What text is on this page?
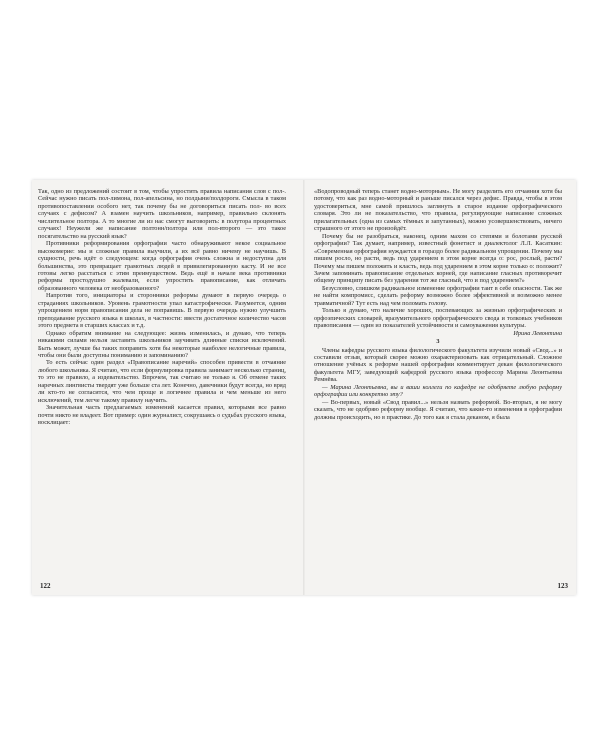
Так, одно из предложений состоит в том, чтобы упростить правила написания слов с пол-. Сейчас нужно писать пол-лимона, пол-апельсина, но полдыни/полдороги. Смысла в таком противопоставлении особого нет, так почему бы не договориться писать пол- во всех случаях с дефисом? А взамен научить школьников, например, правильно склонять числительное полтора. А то многие ли из нас смогут выговорить: в полутора процентных случаях! Неужели же написание полтонн/полтора или пол-второго — это такое посягательство на русский язык?

Противники реформирования орфографии часто обнаруживают некое социальное высокомерие: мы и сложные правила выучили, а их всё равно ничему не научишь. В сущности, речь идёт о следующем: когда орфография очень сложна и недоступна для большинства, это превращает грамотных людей в привилегированную касту. И не все готовы легко расстаться с этим преимуществом. Ведь ещё в начале века противники реформы простодушно жалевали, если упростить правописание, как отличать образованного человека от необразованного?

Напротив того, инициаторы и сторонники реформы думают в первую очередь о страданиях школьников. Уровень грамотности упал катастрофически. Разумеется, одним упрощением норм правописания дела не поправишь. В первую очередь нужно улучшить преподавание русского языка в школах, в частности: ввести достаточное количество часов этого предмета в старших классах и т.д.

Однако обратим внимание на следующее: жизнь изменилась, и думаю, что теперь никакими силами нельзя заставить школьников заучивать длинные списки исключений. Быть может, лучше бы таких поправить хотя бы некоторые наиболее нелогичные правила, чтобы они были доступны пониманию и запоминанию?

То есть сейчас один раздел «Правописание наречий» способен привести в отчаяние любого школьника. Я считаю, что если формулировка правила занимает несколько страниц, то это не правило, а издевательство. Впрочем, так считаю не только я. Об отмене таких наречных лингвисты твердят уже больше ста лет. Конечно, давечники будут всегда, но вряд ли кто-то не согласится, что чем проще и логичнее правила и чем меньше из него исключений, тем легче такому правилу научить.

Значительная часть предлагаемых изменений касается правил, которыми все равно почти никто не владеет. Вот пример: один журналист, сокрушаясь о судьбах русского языка, восклицает:

«Водопроводный теперь станет водно-моторным». Не могу разделить его отчаяния хотя бы потому, что как раз водно-моторный и раньше писался через дефис. Правда, чтобы в этом удостовериться, мне самой пришлось заглянуть в старое издание орфографического словаря. Это ли не показательство, что правила, регулирующие написание сложных прилагательных (одна из самых тёмных и запутанных), можно усовершенствовать, ничего страшного от этого не произойдёт.

Почему бы не разобраться, наконец, одним махом со степями и болотами русской орфографии? Так думает, например, известный фонетист и диалектолог Л.Л. Касаткин: «Современная орфография нуждается в гораздо более радикальном упрощении. Почему мы пишем росло, но расти, ведь под ударением в этом корне всегда о: рос, рослый, расти? Почему мы пишем положить и класть, ведь под ударением в этом корне только о: положит? Зачем запоминать правописание отдельных корней, где написание гласных противоречит общему принципу писать без ударения тот же гласный, что и под ударением?»

Безусловно, слишком радикальное изменение орфографии таит в себе опасности. Так же не найти компромисс, сделать реформу возможно более эффективной и возможно менее травматичной? Тут есть над чем поломать голову.

Только я думаю, что наличие хороших, поспевающих за жизнью орфографических и орфоэпических словарей, вразумительного орфографического свода и толковых учебников правописания — один из показателей устойчивости и самоуважения культуры.

Ирина Левонтина

3

Члены кафедры русского языка филологического факультета изучили новый «Свод...» и составили отзыв, который скорее можно охарактеризовать как отрицательный. Сложное отношение учёных к реформе нашей орфографии комментирует декан филологического факультета МГУ, заведующий кафедрой русского языка профессор Марина Леонтьевна Ремнёва.

— Марина Леонтьевна, вы и ваши коллеги по кафедре не одобряете любую реформу орфографии или конкретно эту?

— Во-первых, новый «Свод правил...» нельзя назвать реформой. Во-вторых, я не могу сказать, что не одобряю реформу вообще. Я считаю, что какие-то изменения в орфографии должны происходить, но в практике. До того как я стала деканом, я была

122	123
